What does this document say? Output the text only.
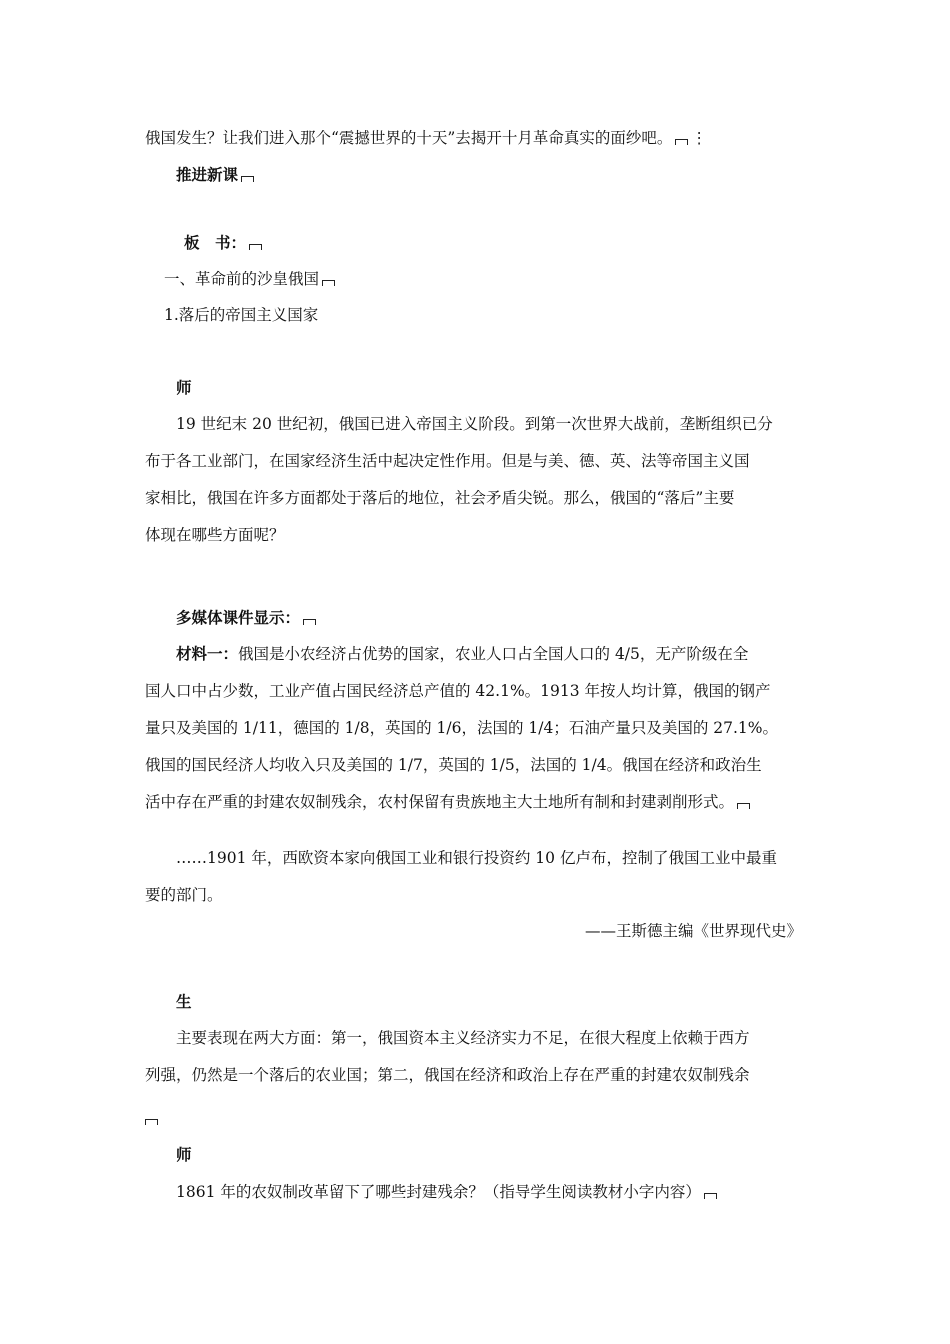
俄国发生？让我们进入那个“震撼世界的十天”去揭开十月革命真实的面纱吧。 ⋮
推进新课
板　书：
一、革命前的沙皇俄国
1.落后的帝国主义国家
师
19 世纪末 20 世纪初，俄国已进入帝国主义阶段。到第一次世界大战前，垄断组织已分
布于各工业部门，在国家经济生活中起决定性作用。但是与美、德、英、法等帝国主义国
家相比，俄国在许多方面都处于落后的地位，社会矛盾尖锐。那么，俄国的“落后”主要
体现在哪些方面呢？
多媒体课件显示：
材料一：俄国是小农经济占优势的国家，农业人口占全国人口的 4/5，无产阶级在全
国人口中占少数，工业产值占国民经济总产值的 42.1%。1913 年按人均计算，俄国的钢产
量只及美国的 1/11，德国的 1/8，英国的 1/6，法国的 1/4；石油产量只及美国的 27.1%。
俄国的国民经济人均收入只及美国的 1/7，英国的 1/5，法国的 1/4。俄国在经济和政治生
活中存在严重的封建农奴制残余，农村保留有贵族地主大土地所有制和封建剥削形式。
……1901 年，西欧资本家向俄国工业和银行投资约 10 亿卢布，控制了俄国工业中最重
要的部门。
——王斯德主编《世界现代史》
生
主要表现在两大方面：第一，俄国资本主义经济实力不足，在很大程度上依赖于西方
列强，仍然是一个落后的农业国；第二，俄国在经济和政治上存在严重的封建农奴制残余
师
1861 年的农奴制改革留下了哪些封建残余？（指导学生阅读教材小字内容）
